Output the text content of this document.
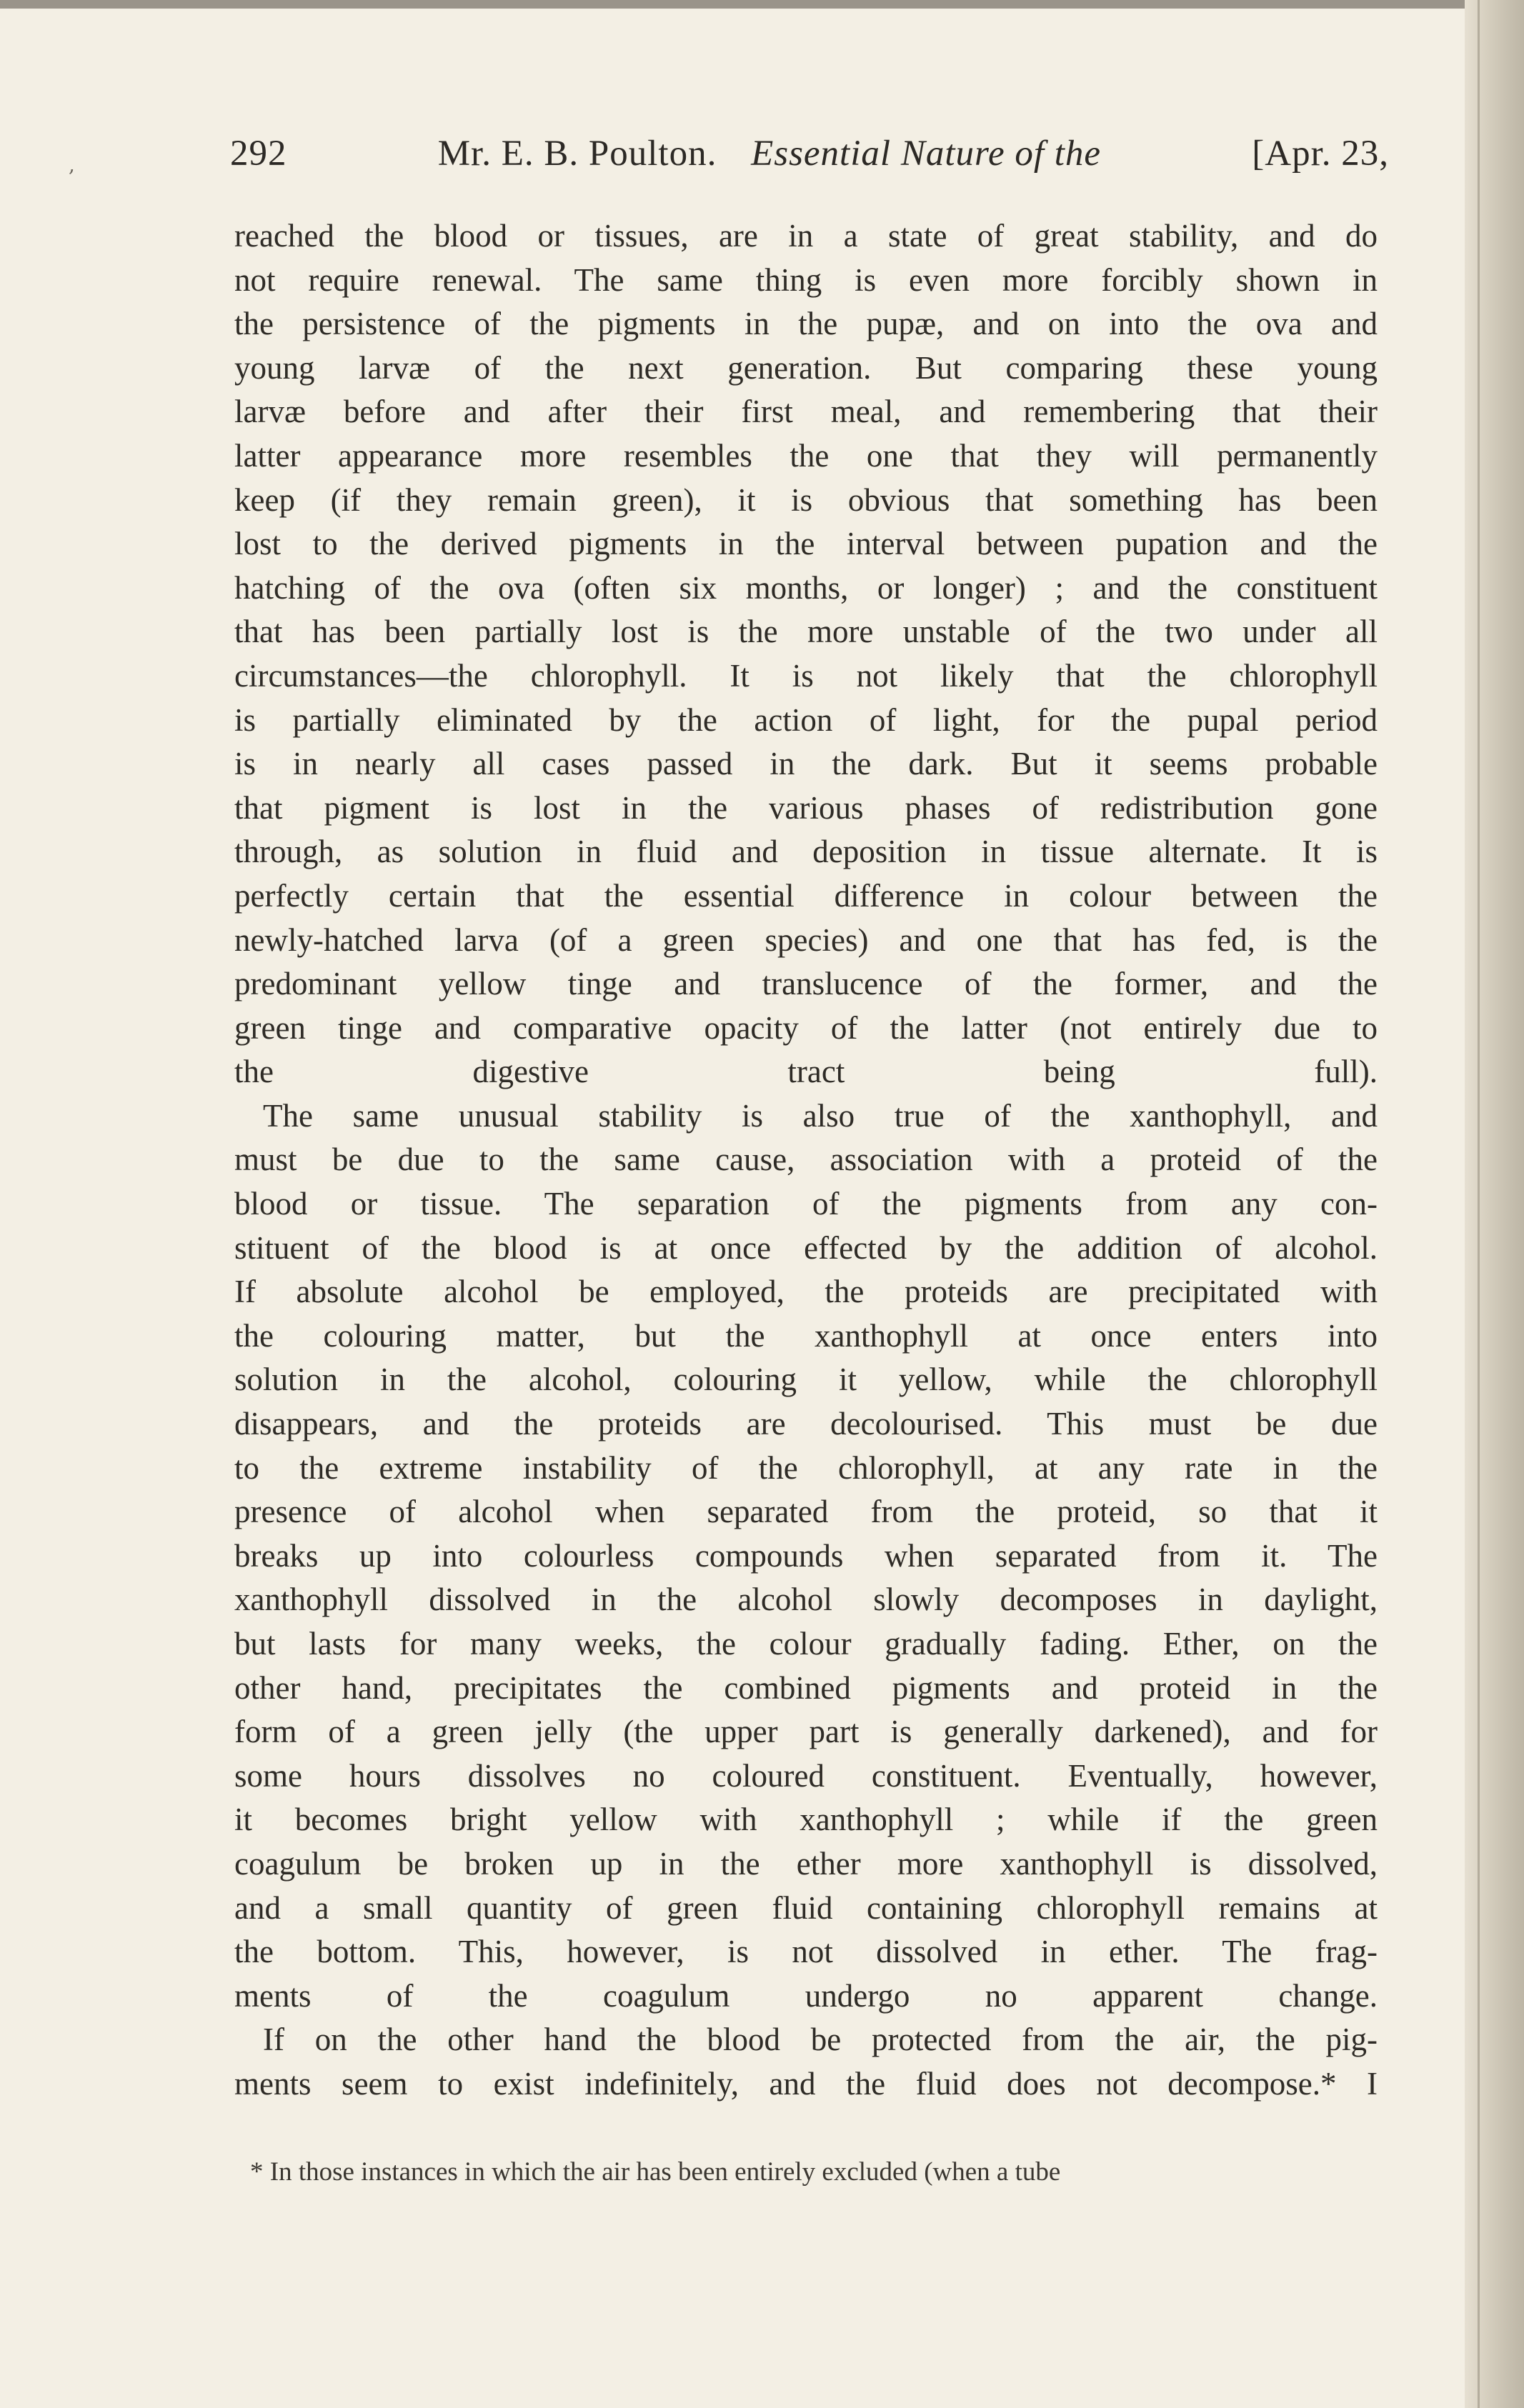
,	292	Mr. E. B. Poulton. Essential Nature of the	[Apr. 23,

reached the blood or tissues, are in a state of great stability, and do
not require renewal. The same thing is even more forcibly shown in
the persistence of the pigments in the pupæ, and on into the ova and
young larvæ of the next generation. But comparing these young
larvæ before and after their first meal, and remembering that their
latter appearance more resembles the one that they will permanently
keep (if they remain green), it is obvious that something has been
lost to the derived pigments in the interval between pupation and the
hatching of the ova (often six months, or longer) ; and the constituent
that has been partially lost is the more unstable of the two under all
circumstances—the chlorophyll. It is not likely that the chlorophyll
is partially eliminated by the action of light, for the pupal period
is in nearly all cases passed in the dark. But it seems probable
that pigment is lost in the various phases of redistribution gone
through, as solution in fluid and deposition in tissue alternate. It is
perfectly certain that the essential difference in colour between the
newly-hatched larva (of a green species) and one that has fed, is the
predominant yellow tinge and translucence of the former, and the
green tinge and comparative opacity of the latter (not entirely due to
the digestive tract being full).

The same unusual stability is also true of the xanthophyll, and
must be due to the same cause, association with a proteid of the
blood or tissue. The separation of the pigments from any con-
stituent of the blood is at once effected by the addition of alcohol.
If absolute alcohol be employed, the proteids are precipitated with
the colouring matter, but the xanthophyll at once enters into
solution in the alcohol, colouring it yellow, while the chlorophyll
disappears, and the proteids are decolourised. This must be due
to the extreme instability of the chlorophyll, at any rate in the
presence of alcohol when separated from the proteid, so that it
breaks up into colourless compounds when separated from it. The
xanthophyll dissolved in the alcohol slowly decomposes in daylight,
but lasts for many weeks, the colour gradually fading. Ether, on the
other hand, precipitates the combined pigments and proteid in the
form of a green jelly (the upper part is generally darkened), and for
some hours dissolves no coloured constituent. Eventually, however,
it becomes bright yellow with xanthophyll ; while if the green
coagulum be broken up in the ether more xanthophyll is dissolved,
and a small quantity of green fluid containing chlorophyll remains at
the bottom. This, however, is not dissolved in ether. The frag-
ments of the coagulum undergo no apparent change.

If on the other hand the blood be protected from the air, the pig-
ments seem to exist indefinitely, and the fluid does not decompose.* I

* In those instances in which the air has been entirely excluded (when a tube
